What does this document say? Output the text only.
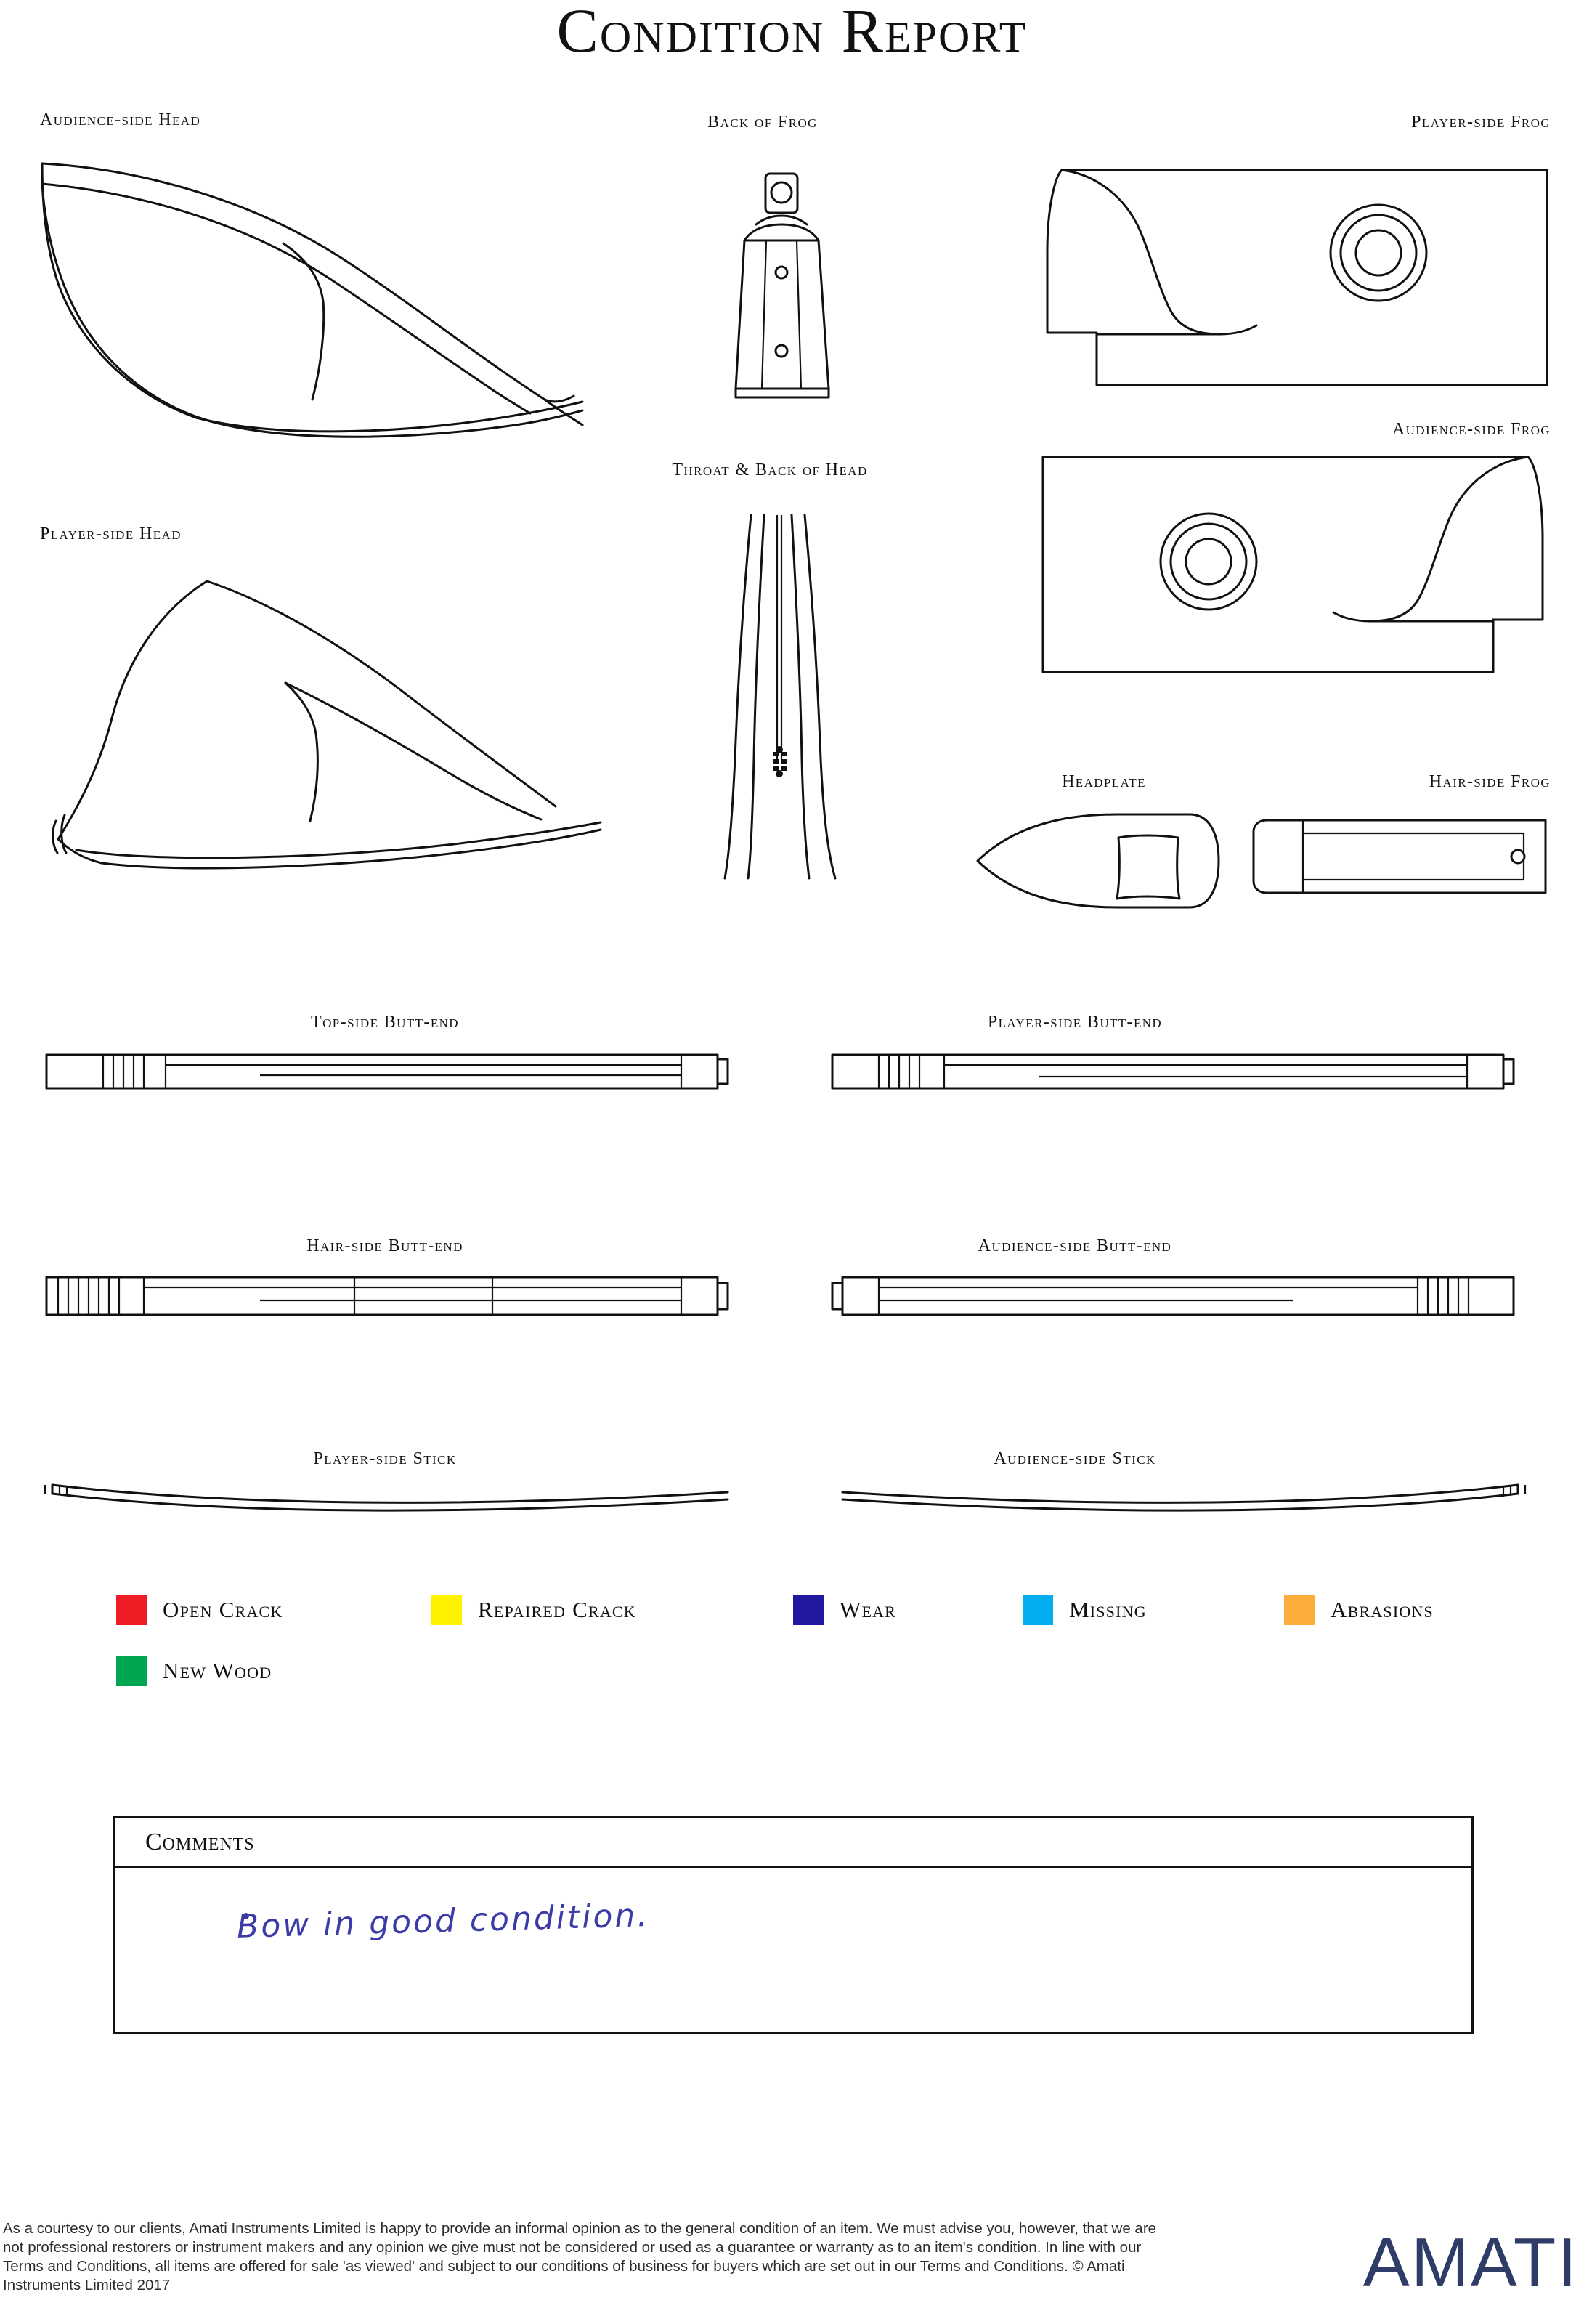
Condition Report
Audience-side Head
Player-side Head
Back of Frog
Throat & Back of Head
Player-side Frog
Audience-side Frog
Headplate	Hair-side Frog
Top-side Butt-end	Player-side Butt-end
Hair-side Butt-end	Audience-side Butt-end
Player-side Stick	Audience-side Stick
Open Crack	Repaired Crack	Wear	Missing	Abrasions
New Wood
Comments
Bow in good condition.

As a courtesy to our clients, Amati Instruments Limited is happy to provide an informal opinion as to the general condition of an item. We must advise you, however, that we are not professional restorers or instrument makers and any opinion we give must not be considered or used as a guarantee or warranty as to an item's condition. In line with our Terms and Conditions, all items are offered for sale 'as viewed' and subject to our conditions of business for buyers which are set out in our Terms and Conditions. © Amati Instruments Limited 2017	AMATI
